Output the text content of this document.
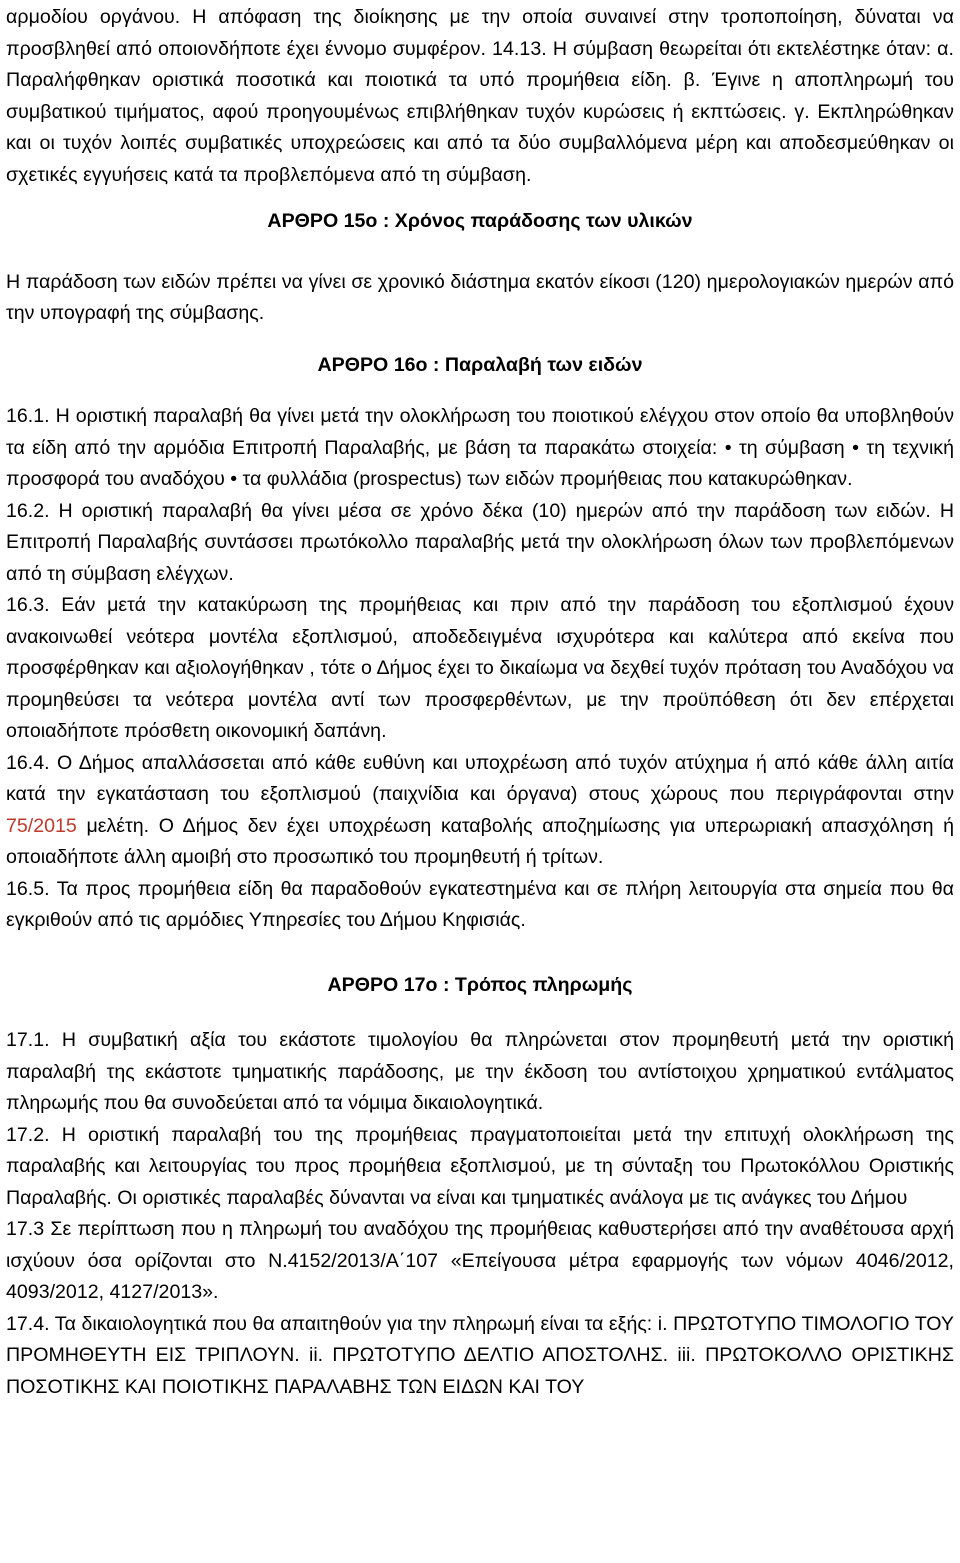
αρμοδίου οργάνου. Η απόφαση της διοίκησης με την οποία συναινεί στην τροποποίηση, δύναται να προσβληθεί από οποιονδήποτε έχει έννομο συμφέρον. 14.13. Η σύμβαση θεωρείται ότι εκτελέστηκε όταν: α. Παραλήφθηκαν οριστικά ποσοτικά και ποιοτικά τα υπό προμήθεια είδη. β. Έγινε η αποπληρωμή του συμβατικού τιμήματος, αφού προηγουμένως επιβλήθηκαν τυχόν κυρώσεις ή εκπτώσεις. γ. Εκπληρώθηκαν και οι τυχόν λοιπές συμβατικές υποχρεώσεις και από τα δύο συμβαλλόμενα μέρη και αποδεσμεύθηκαν οι σχετικές εγγυήσεις κατά τα προβλεπόμενα από τη σύμβαση.

ΑΡΘΡΟ 15ο : Χρόνος παράδοσης των υλικών

Η παράδοση των ειδών πρέπει να γίνει σε χρονικό διάστημα εκατόν είκοσι (120) ημερολογιακών ημερών από την υπογραφή της σύμβασης.

ΑΡΘΡΟ 16ο : Παραλαβή των ειδών

16.1. Η οριστική παραλαβή θα γίνει μετά την ολοκλήρωση του ποιοτικού ελέγχου στον οποίο θα υποβληθούν τα είδη από την αρμόδια Επιτροπή Παραλαβής, με βάση τα παρακάτω στοιχεία: • τη σύμβαση • τη τεχνική προσφορά του αναδόχου • τα φυλλάδια (prospectus) των ειδών προμήθειας που κατακυρώθηκαν.

16.2. Η οριστική παραλαβή θα γίνει μέσα σε χρόνο δέκα (10) ημερών από την παράδοση των ειδών. Η Επιτροπή Παραλαβής συντάσσει πρωτόκολλο παραλαβής μετά την ολοκλήρωση όλων των προβλεπόμενων από τη σύμβαση ελέγχων.

16.3. Εάν μετά την κατακύρωση της προμήθειας και πριν από την παράδοση του εξοπλισμού έχουν ανακοινωθεί νεότερα μοντέλα εξοπλισμού, αποδεδειγμένα ισχυρότερα και καλύτερα από εκείνα που προσφέρθηκαν και αξιολογήθηκαν , τότε ο Δήμος έχει το δικαίωμα να δεχθεί τυχόν πρόταση του Αναδόχου να προμηθεύσει τα νεότερα μοντέλα αντί των προσφερθέντων, με την προϋπόθεση ότι δεν επέρχεται οποιαδήποτε πρόσθετη οικονομική δαπάνη.

16.4. Ο Δήμος απαλλάσσεται από κάθε ευθύνη και υποχρέωση από τυχόν ατύχημα ή από κάθε άλλη αιτία κατά την εγκατάσταση του εξοπλισμού (παιχνίδια και όργανα) στους χώρους που περιγράφονται στην 75/2015 μελέτη. Ο Δήμος δεν έχει υποχρέωση καταβολής αποζημίωσης για υπερωριακή απασχόληση ή οποιαδήποτε άλλη αμοιβή στο προσωπικό του προμηθευτή ή τρίτων.

16.5. Τα προς προμήθεια είδη θα παραδοθούν εγκατεστημένα και σε πλήρη λειτουργία στα σημεία που θα εγκριθούν από τις αρμόδιες Υπηρεσίες του Δήμου Κηφισιάς.

ΑΡΘΡΟ 17ο : Τρόπος πληρωμής

17.1. Η συμβατική αξία του εκάστοτε τιμολογίου θα πληρώνεται στον προμηθευτή μετά την οριστική παραλαβή της εκάστοτε τμηματικής παράδοσης, με την έκδοση του αντίστοιχου χρηματικού εντάλματος πληρωμής που θα συνοδεύεται από τα νόμιμα δικαιολογητικά.

17.2. Η οριστική παραλαβή του της προμήθειας πραγματοποιείται μετά την επιτυχή ολοκλήρωση της παραλαβής και λειτουργίας του προς προμήθεια εξοπλισμού, με τη σύνταξη του Πρωτοκόλλου Οριστικής Παραλαβής. Οι οριστικές παραλαβές δύνανται να είναι και τμηματικές ανάλογα με τις ανάγκες του Δήμου

17.3 Σε περίπτωση που η πληρωμή του αναδόχου της προμήθειας καθυστερήσει από την αναθέτουσα αρχή ισχύουν όσα ορίζονται στο Ν.4152/2013/Α΄107 «Επείγουσα μέτρα εφαρμογής των νόμων 4046/2012, 4093/2012, 4127/2013».

17.4. Τα δικαιολογητικά που θα απαιτηθούν για την πληρωμή είναι τα εξής: i. ΠΡΩΤΟΤΥΠΟ ΤΙΜΟΛΟΓΙΟ ΤΟΥ ΠΡΟΜΗΘΕΥΤΗ ΕΙΣ ΤΡΙΠΛΟΥΝ. ii. ΠΡΩΤΟΤΥΠΟ ΔΕΛΤΙΟ ΑΠΟΣΤΟΛΗΣ. iii. ΠΡΩΤΟΚΟΛΛΟ ΟΡΙΣΤΙΚΗΣ ΠΟΣΟΤΙΚΗΣ ΚΑΙ ΠΟΙΟΤΙΚΗΣ ΠΑΡΑΛΑΒΗΣ ΤΩΝ ΕΙΔΩΝ ΚΑΙ ΤΟΥ
